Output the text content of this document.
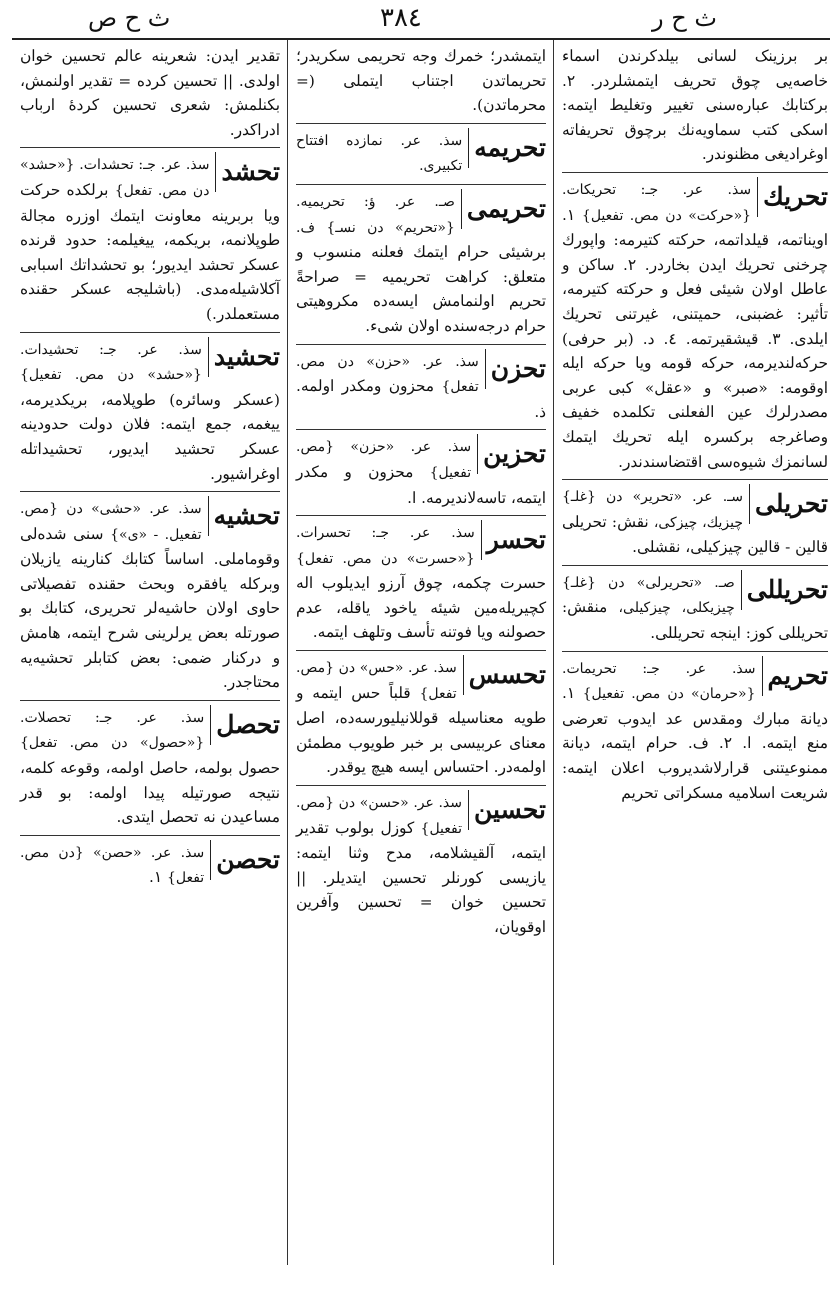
ث ح ص	٣٨٤	ث ح ر
بر برزینک لسانی بیلدکرندن اسماء خاصه‌یی چوق تحریف ایتمشلردر. ٢. برکتابك عباره‌سنی تغییر وتغلیط ایتمه: اسکی کتب سماویه‌نك برچوق تحریفاته اوغرادیغی مظنوندر.
تحریك
سذ. عر. جـ: تحریکات. {«حرکت» دن مص. تفعیل} ١. اویناتمه، قیلداتمه، حرکته کتیرمه: واپورك چرخنی تحریك ایدن بخاردر. ٢. ساکن و عاطل اولان شیئی فعل و حرکته کتیرمه، تأثیر: غضبنی، حمیتنی، غیرتنی تحریك ایلدی. ٣. قیشقیرتمه. ٤. د. (بر حرفی) حرکه‌لندیرمه، حرکه قومه ویا حرکه ایله اوقومه: «صبر» و «عقل» کبی عربی مصدرلرك عین الفعلنی تکلمده خفیف وصاغرجه برکسره ایله تحریك ایتمك لسانمزك شیوه‌سی اقتضاسندندر.
تحریلی
سـ. عر. «تحریر» دن {غلـ} چیزیك، چیزکی، نقش: تحریلی قالین - قالین چیزکیلی، نقشلی.
تحریللی
صـ. «تحریرلی» دن {غلـ} چیزیکلی، چیزکیلی، منقش: تحریللی کوز: اینجه تحریللی.
تحریم
سذ. عر. جـ: تحریمات. {«حرمان» دن مص. تفعیل} ١. دیانة مبارك ومقدس عد ایدوب تعرضی منع ایتمه. ا. ٢. ف. حرام ایتمه، دیانة ممنوعیتنی قرارلاشدیروب اعلان ایتمه: شریعت اسلامیه مسکراتی تحریم
ایتمشدر؛ خمرك وجه تحریمی سکریدر؛ تحریماتدن اجتناب ایتملی (= محرماتدن).
تحریمه
سذ. عر. نمازده افتتاح تکبیری.
تحریمی
صـ. عر. ؤ: تحریمیه. {«تحریم» دن نسـ} ف. برشیئی حرام ایتمك فعلنه منسوب و متعلق: کراهت تحریمیه = صراحةً تحریم اولنمامش ایسه‌ده مکروهیتی حرام درجه‌سنده اولان شیء.
تحزن
سذ. عر. «حزن» دن مص. تفعل} محزون ومکدر اولمه. ذ.
تحزین
سذ. عر. «حزن» {مص. تفعیل} محزون و مکدر ایتمه، تاسه‌لاندیرمه. ا.
تحسر
سذ. عر. جـ: تحسرات. {«حسرت» دن مص. تفعل} حسرت چکمه، چوق آرزو ایدیلوب اله کچیریله‌مین شیئه یاخود یاقله، عدم حصولنه ویا فوتنه تأسف وتلهف ایتمه.
تحسس
سذ. عر. «حس» دن {مص. تفعل} قلباً حس ایتمه و طویه معناسیله قوللانیلیورسه‌ده، اصل معنای عربیسی بر خبر طویوب مطمئن اولمه‌در. احتساس ایسه هیچ یوقدر.
تحسین
سذ. عر. «حسن» دن {مص. تفعیل} کوزل بولوب تقدیر ایتمه، آلقیشلامه، مدح وثنا ایتمه: یازیسی کورنلر تحسین ایتدیلر. || تحسین خوان = تحسین وآفرین اوقویان،
تقدیر ایدن: شعرینه عالم تحسین خوان اولدی. || تحسین کرده = تقدیر اولنمش، بکنلمش: شعری تحسین کردهٔ ارباب ادراکدر.
تحشد
سذ. عر. جـ: تحشدات. {«حشد» دن مص. تفعل} برلکده حرکت ویا بربرینه معاونت ایتمك اوزره مجالة طوپلانمه، بریکمه، ییغیلمه: حدود قرنده عسکر تحشد ایدیور؛ بو تحشداتك اسبابی آکلاشیله‌مدی. (باشلیجه عسکر حقنده مستعملدر.)
تحشید
سذ. عر. جـ: تحشیدات. {«حشد» دن مص. تفعیل} (عسکر وسائره) طوپلامه، بریکدیرمه، ییغمه، جمع ایتمه: فلان دولت حدودینه عسکر تحشید ایدیور، تحشیداتله اوغراشیور.
تحشیه
سذ. عر. «حشی» دن {مص. تفعیل. - «ی»} سنی شده‌لی وقوماملی. اساساً کتابك کنارینه یازیلان وبرکله یافقره وبحث حقنده تفصیلاتی حاوی اولان حاشیه‌لر تحریری، کتابك بو صورتله بعض یرلرینی شرح ایتمه، هامش و درکنار ضمی: بعض کتابلر تحشیه‌یه محتاجدر.
تحصل
سذ. عر. جـ: تحصلات. {«حصول» دن مص. تفعل} حصول بولمه، حاصل اولمه، وقوعه کلمه، نتیجه صورتیله پیدا اولمه: بو قدر مساعیدن نه تحصل ایتدی.
تحصن
سذ. عر. «حصن» {دن مص. تفعل} ١.
